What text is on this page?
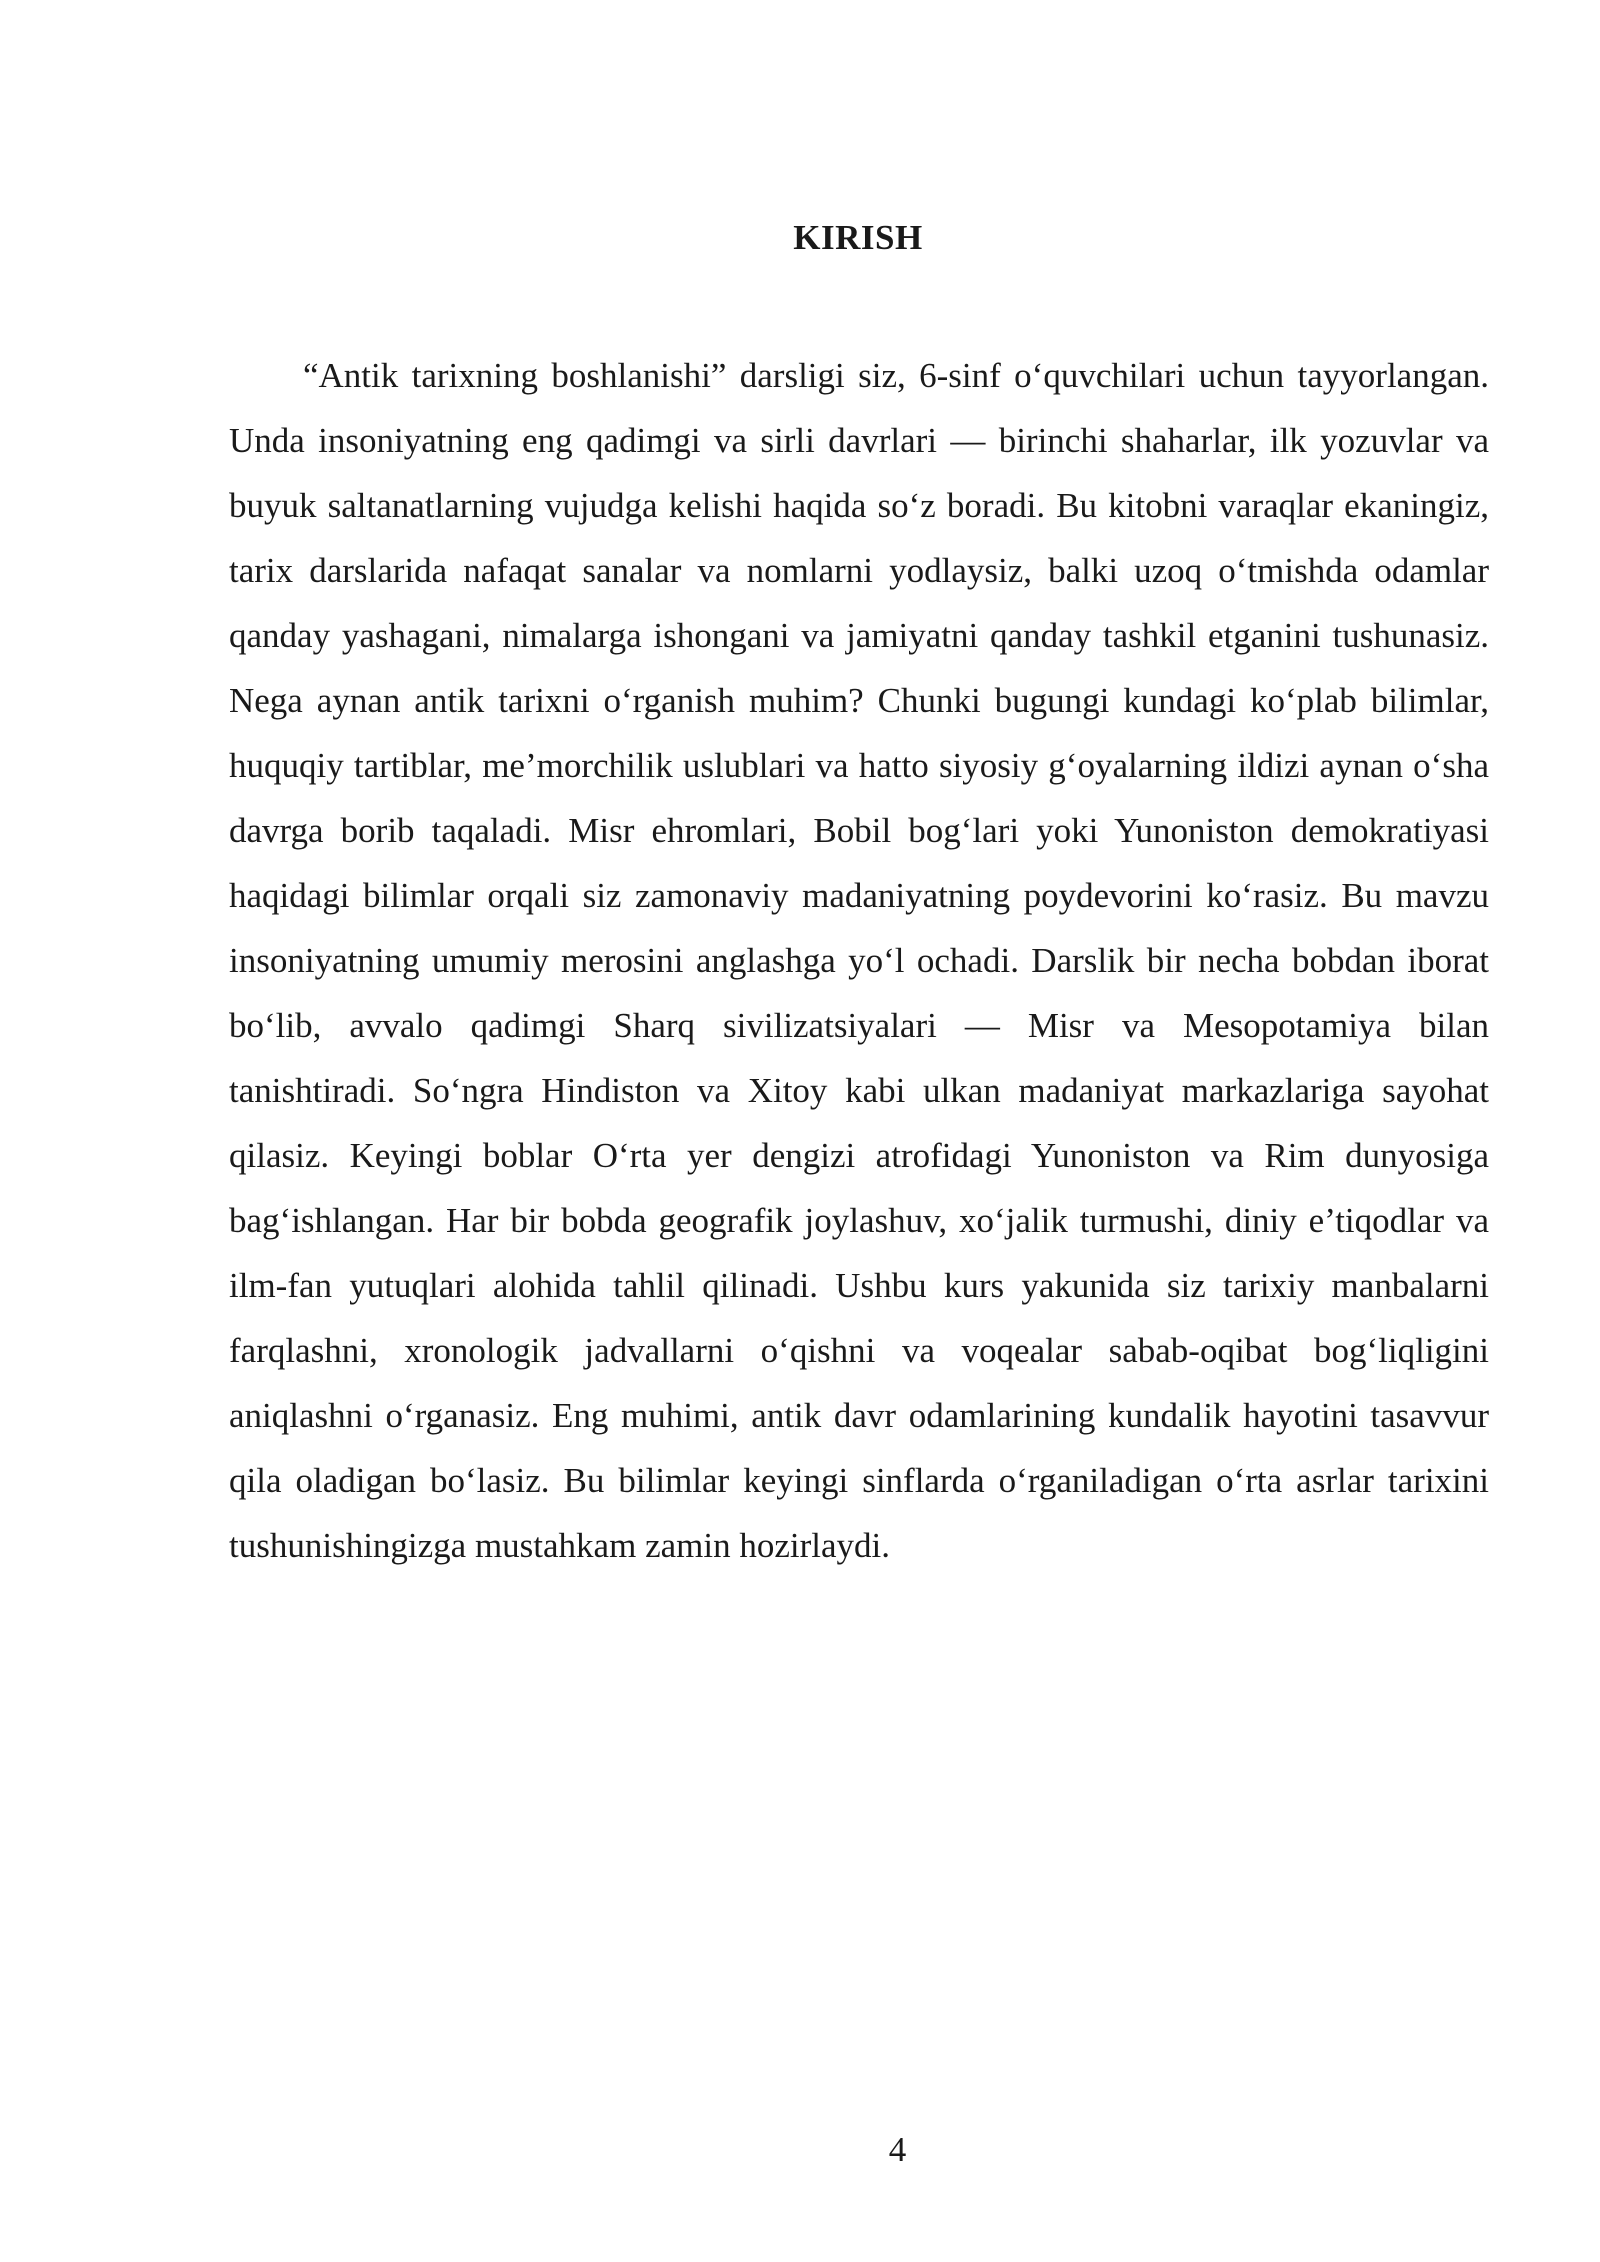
KIRISH

“Antik tarixning boshlanishi” darsligi siz, 6-sinf o‘quvchilari uchun tayyorlangan. Unda insoniyatning eng qadimgi va sirli davrlari — birinchi shaharlar, ilk yozuvlar va buyuk saltanatlarning vujudga kelishi haqida so‘z boradi. Bu kitobni varaqlar ekaningiz, tarix darslarida nafaqat sanalar va nomlarni yodlaysiz, balki uzoq o‘tmishda odamlar qanday yashagani, nimalarga ishongani va jamiyatni qanday tashkil etganini tushunasiz. Nega aynan antik tarixni o‘rganish muhim? Chunki bugungi kundagi ko‘plab bilimlar, huquqiy tartiblar, me’morchilik uslublari va hatto siyosiy g‘oyalarning ildizi aynan o‘sha davrga borib taqaladi. Misr ehromlari, Bobil bog‘lari yoki Yunoniston demokratiyasi haqidagi bilimlar orqali siz zamonaviy madaniyatning poydevorini ko‘rasiz. Bu mavzu insoniyatning umumiy merosini anglashga yo‘l ochadi. Darslik bir necha bobdan iborat bo‘lib, avvalo qadimgi Sharq sivilizatsiyalari — Misr va Mesopotamiya bilan tanishtiradi. So‘ngra Hindiston va Xitoy kabi ulkan madaniyat markazlariga sayohat qilasiz. Keyingi boblar O‘rta yer dengizi atrofidagi Yunoniston va Rim dunyosiga bag‘ishlangan. Har bir bobda geografik joylashuv, xo‘jalik turmushi, diniy e’tiqodlar va ilm-fan yutuqlari alohida tahlil qilinadi. Ushbu kurs yakunida siz tarixiy manbalarni farqlashni, xronologik jadvallarni o‘qishni va voqealar sabab-oqibat bog‘liqligini aniqlashni o‘rganasiz. Eng muhimi, antik davr odamlarining kundalik hayotini tasavvur qila oladigan bo‘lasiz. Bu bilimlar keyingi sinflarda o‘rganiladigan o‘rta asrlar tarixini tushunishingizga mustahkam zamin hozirlaydi.

4
